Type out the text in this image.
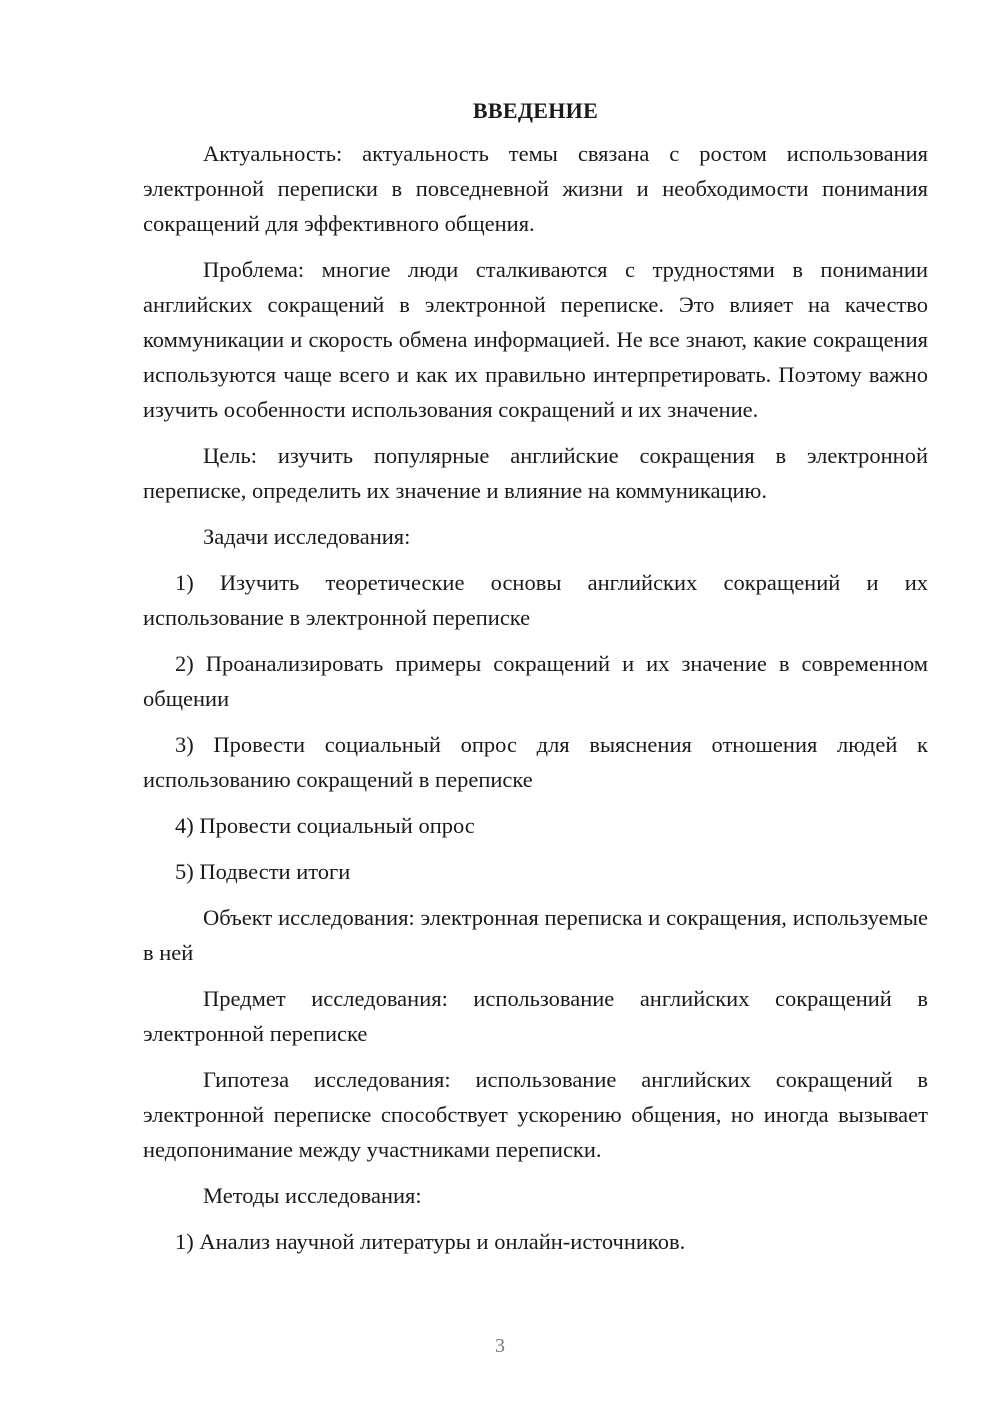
ВВЕДЕНИЕ

Актуальность: актуальность темы связана с ростом использования электронной переписки в повседневной жизни и необходимости понимания сокращений для эффективного общения.

Проблема: многие люди сталкиваются с трудностями в понимании английских сокращений в электронной переписке. Это влияет на качество коммуникации и скорость обмена информацией. Не все знают, какие сокращения используются чаще всего и как их правильно интерпретировать. Поэтому важно изучить особенности использования сокращений и их значение.

Цель: изучить популярные английские сокращения в электронной переписке, определить их значение и влияние на коммуникацию.

Задачи исследования:

1) Изучить теоретические основы английских сокращений и их использование в электронной переписке

2) Проанализировать примеры сокращений и их значение в современном общении

3) Провести социальный опрос для выяснения отношения людей к использованию сокращений в переписке

4) Провести социальный опрос

5) Подвести итоги

Объект исследования: электронная переписка и сокращения, используемые в ней

Предмет исследования: использование английских сокращений в электронной переписке

Гипотеза исследования: использование английских сокращений в электронной переписке способствует ускорению общения, но иногда вызывает недопонимание между участниками переписки.

Методы исследования:

1) Анализ научной литературы и онлайн-источников.

3
